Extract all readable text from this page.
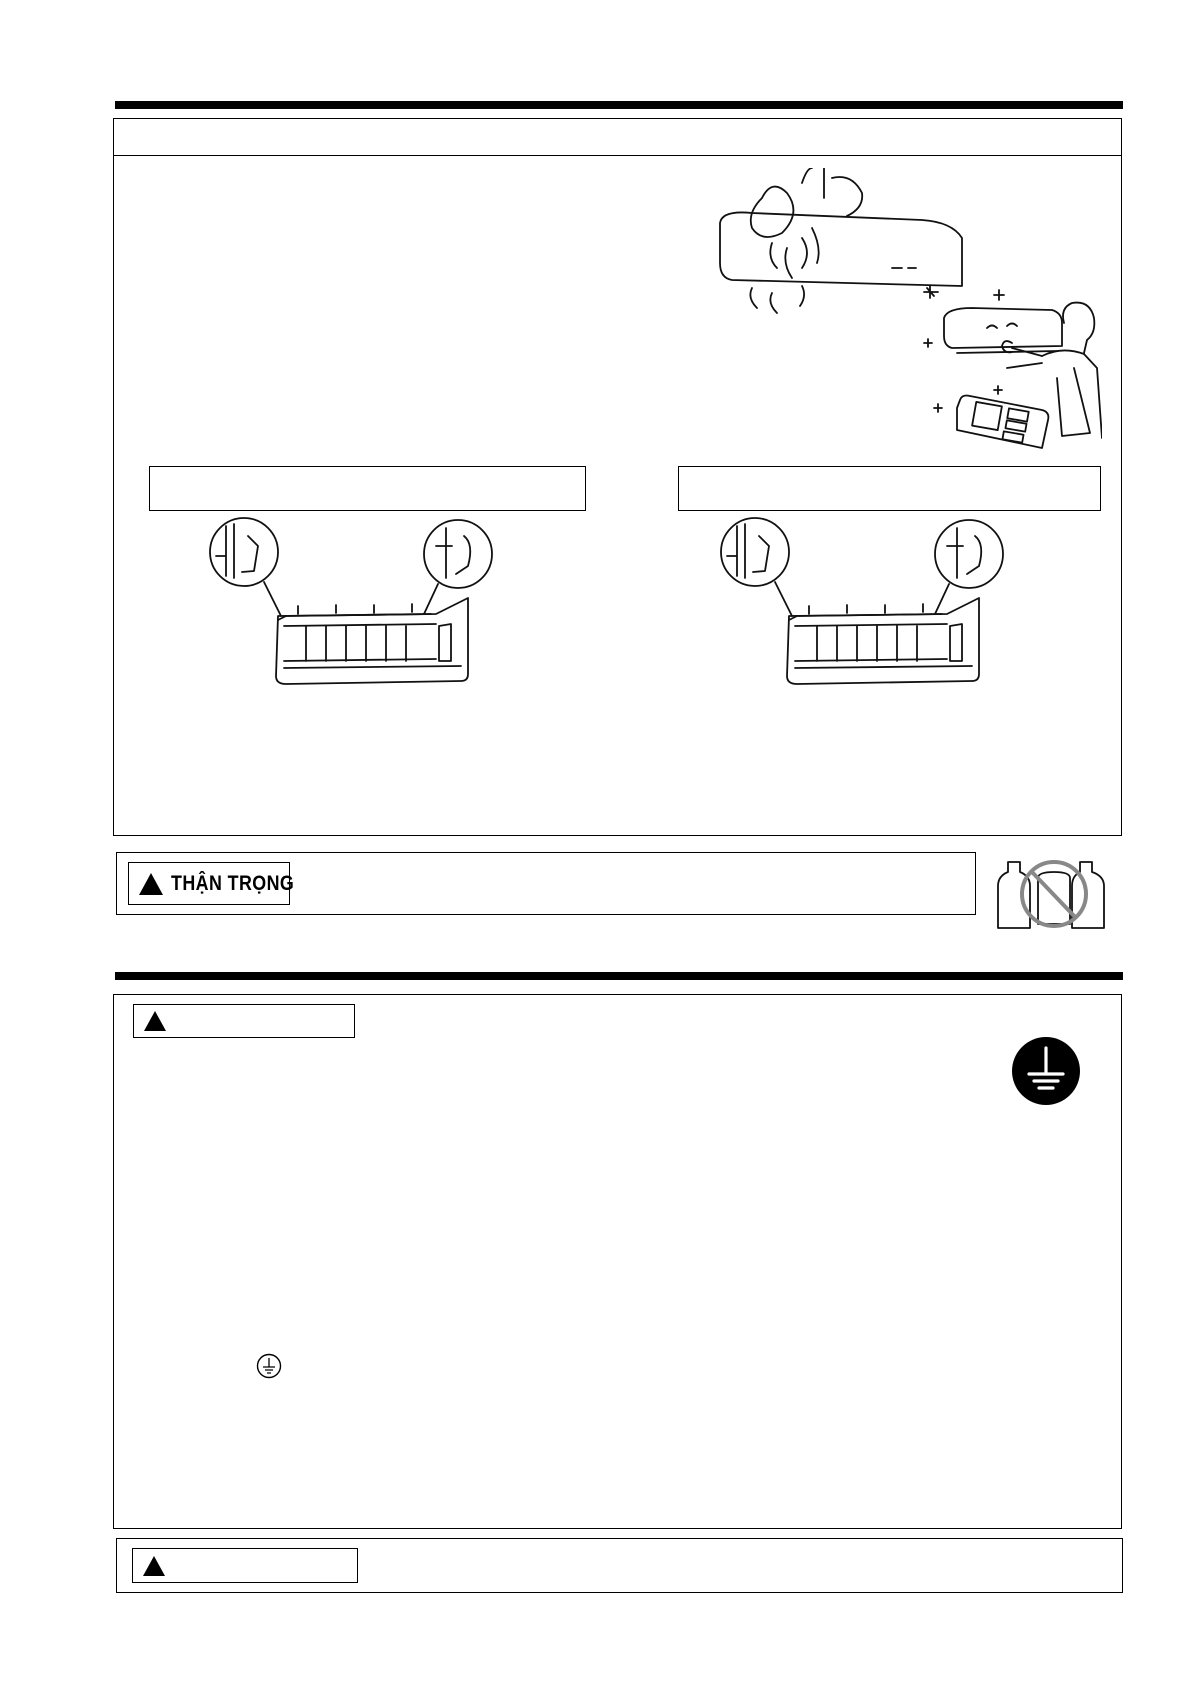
THẬN TRỌNG
